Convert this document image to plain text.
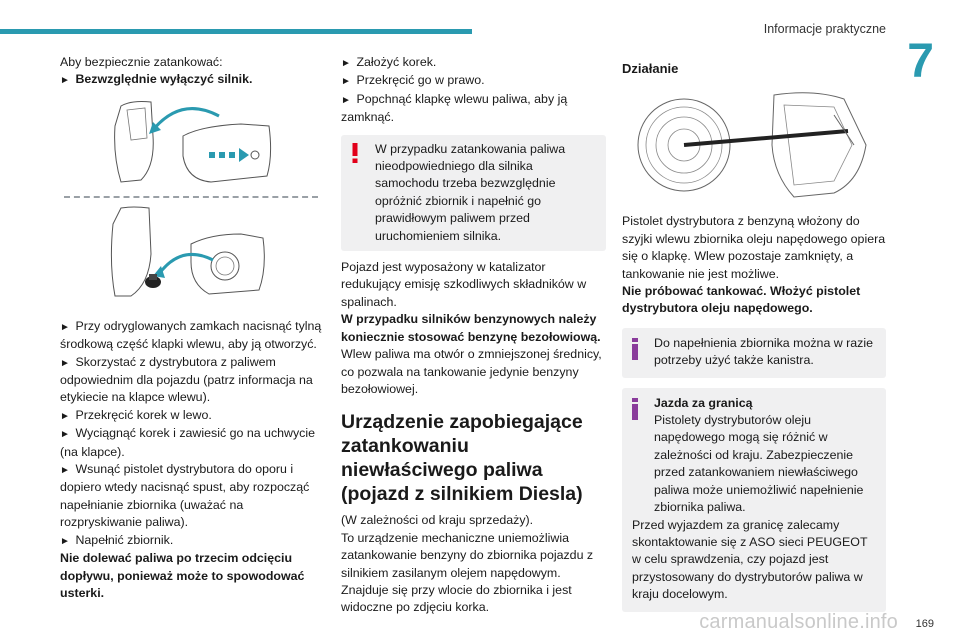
Informacje praktyczne
7

Aby bezpiecznie zatankować:

►  Bezwzględnie wyłączyć silnik.

►  Przy odryglowanych zamkach nacisnąć tylną środkową część klapki wlewu, aby ją otworzyć.

►  Skorzystać z dystrybutora z paliwem odpowiednim dla pojazdu (patrz informacja na etykiecie na klapce wlewu).

►  Przekręcić korek w lewo.

►  Wyciągnąć korek i zawiesić go na uchwycie (na klapce).

►  Wsunąć pistolet dystrybutora do oporu i dopiero wtedy nacisnąć spust, aby rozpocząć napełnianie zbiornika (uważać na rozpryskiwanie paliwa).

►  Napełnić zbiornik.

Nie dolewać paliwa po trzecim odcięciu dopływu, ponieważ może to spowodować usterki.

►  Założyć korek.

►  Przekręcić go w prawo.

►  Popchnąć klapkę wlewu paliwa, aby ją zamknąć.

W przypadku zatankowania paliwa nieodpowiedniego dla silnika samochodu trzeba bezwzględnie opróżnić zbiornik i napełnić go prawidłowym paliwem przed uruchomieniem silnika.

Pojazd jest wyposażony w katalizator redukujący emisję szkodliwych składników w spalinach.

W przypadku silników benzynowych należy koniecznie stosować benzynę bezołowiową.

Wlew paliwa ma otwór o zmniejszonej średnicy, co pozwala na tankowanie jedynie benzyny bezołowiowej.

Urządzenie zapobiegające zatankowaniu niewłaściwego paliwa (pojazd z silnikiem Diesla)

(W zależności od kraju sprzedaży).

To urządzenie mechaniczne uniemożliwia zatankowanie benzyny do zbiornika pojazdu z silnikiem zasilanym olejem napędowym. Znajduje się przy wlocie do zbiornika i jest widoczne po zdjęciu korka.

Działanie

Pistolet dystrybutora z benzyną włożony do szyjki wlewu zbiornika oleju napędowego opiera się o klapkę. Wlew pozostaje zamknięty, a tankowanie nie jest możliwe.

Nie próbować tankować. Włożyć pistolet dystrybutora oleju napędowego.

Do napełnienia zbiornika można w razie potrzeby użyć także kanistra.

Jazda za granicą

Pistolety dystrybutorów oleju napędowego mogą się różnić w zależności od kraju. Zabezpieczenie przed zatankowaniem niewłaściwego paliwa może uniemożliwić napełnienie zbiornika paliwa.

Przed wyjazdem za granicę zalecamy skontaktowanie się z ASO sieci PEUGEOT w celu sprawdzenia, czy pojazd jest przystosowany do dystrybutorów paliwa w kraju docelowym.

carmanualsonline.info 169
